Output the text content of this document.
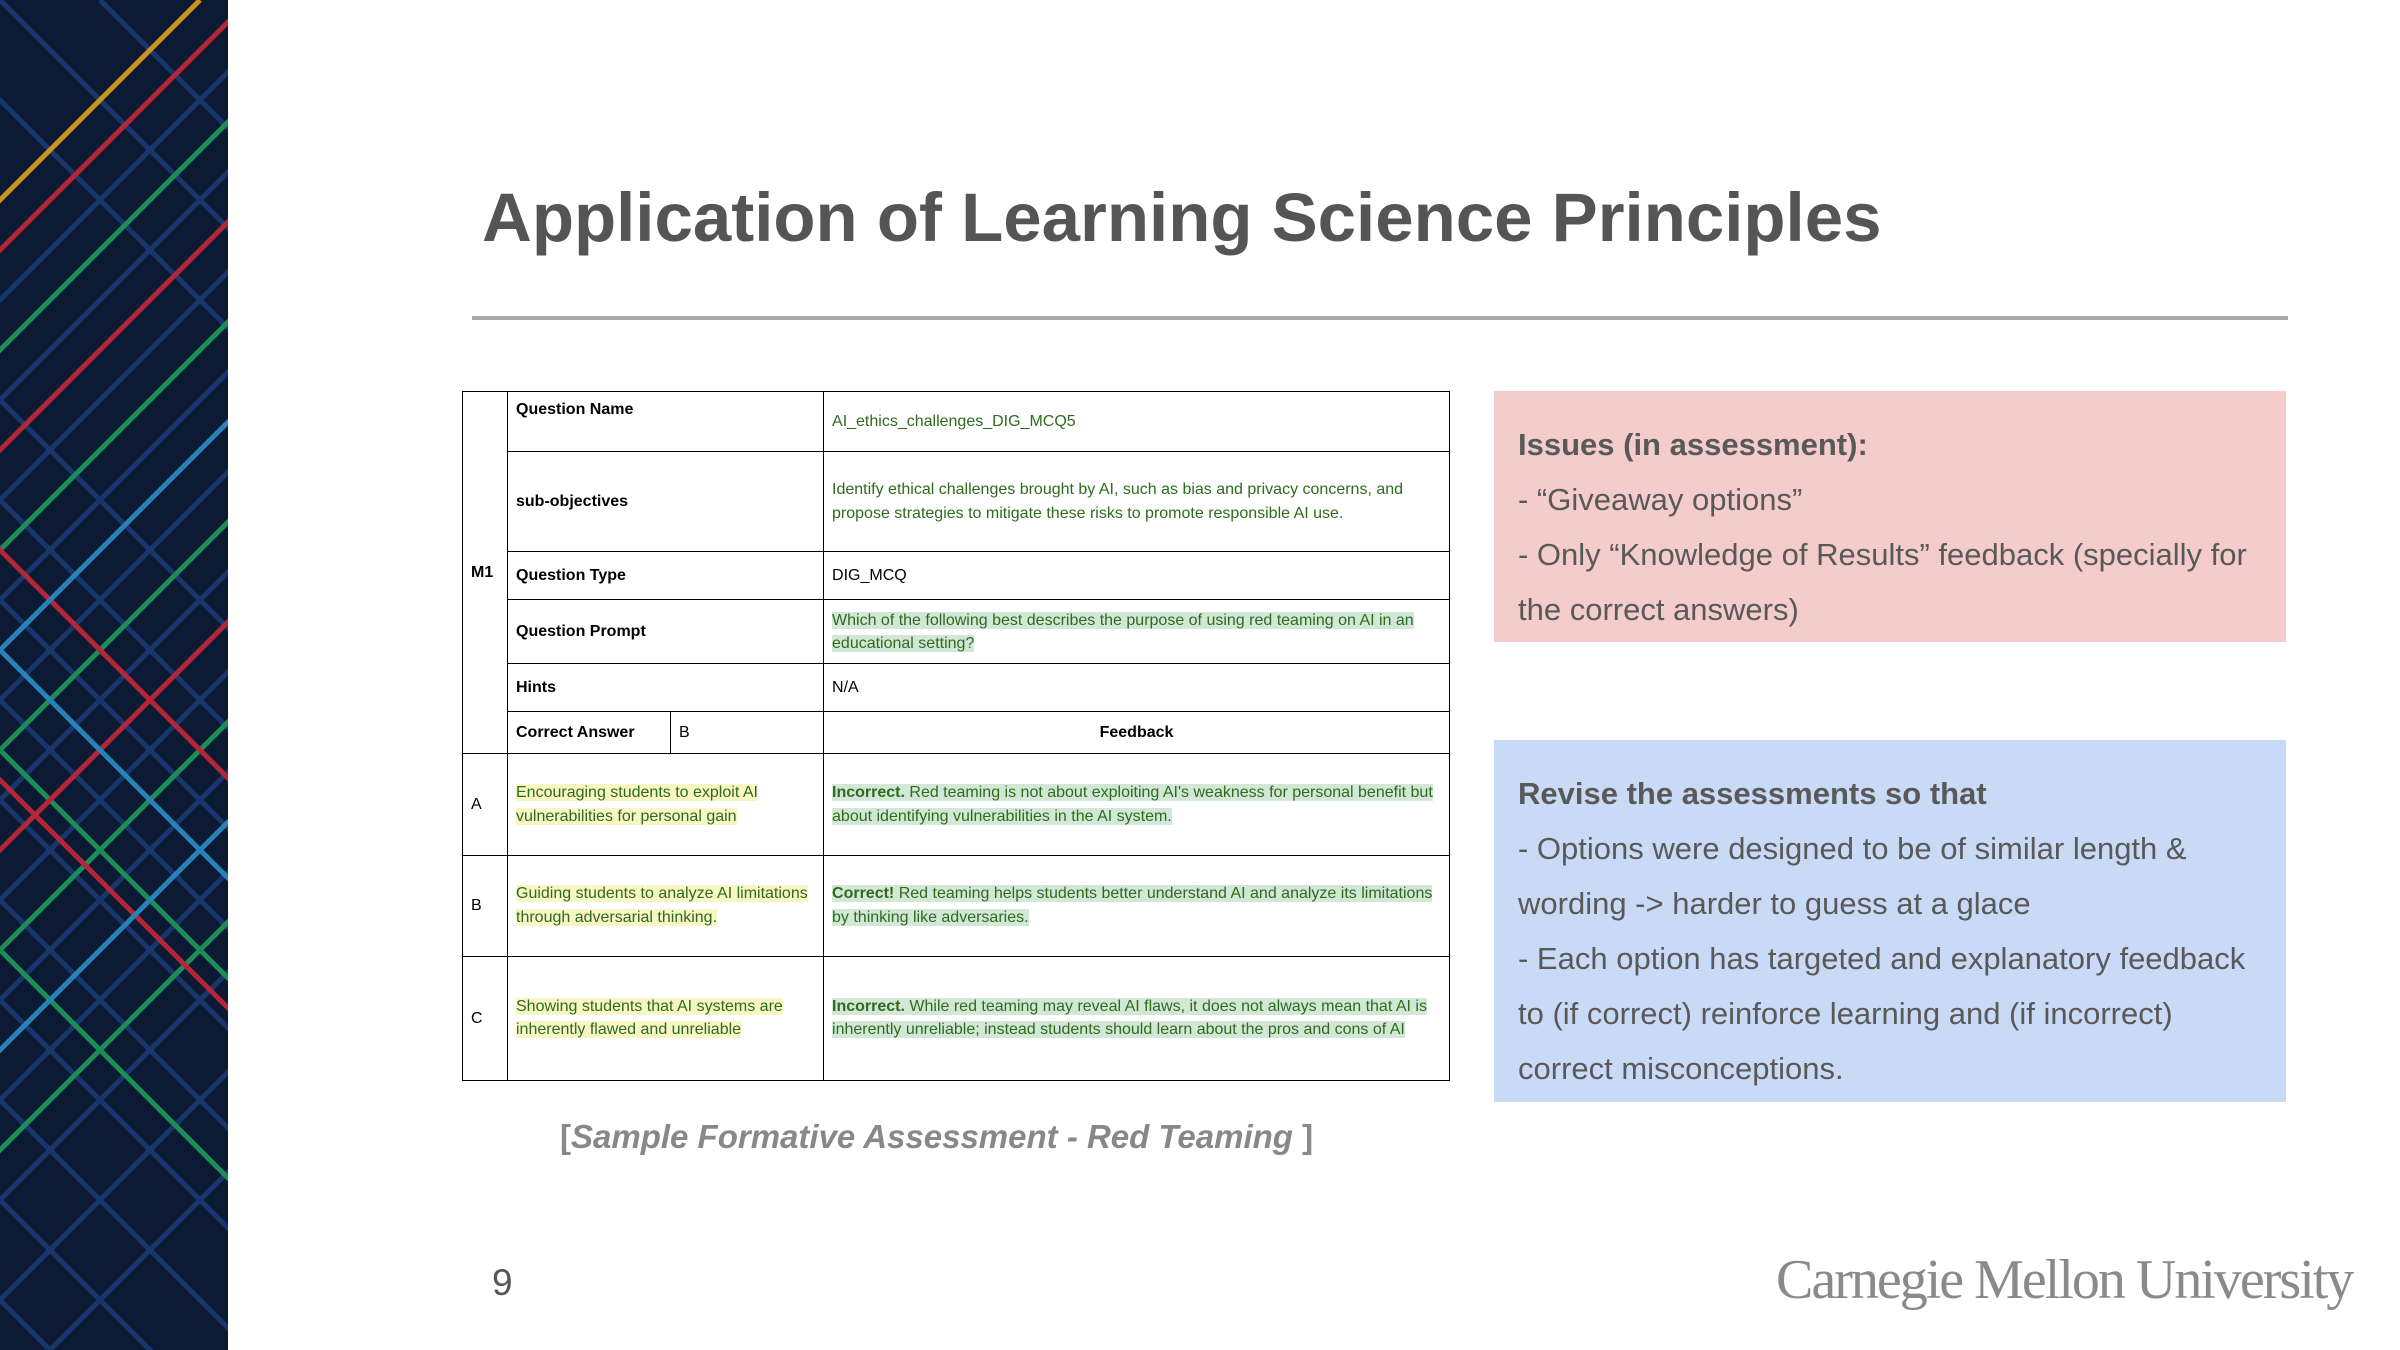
Application of Learning Science Principles
M1	Question Name		AI_ethics_challenges_DIG_MCQ5
	sub-objectives		Identify ethical challenges brought by AI, such as bias and privacy concerns, and propose strategies to mitigate these risks to promote responsible AI use.
	Question Type		DIG_MCQ
	Question Prompt		Which of the following best describes the purpose of using red teaming on AI in an educational setting?
	Hints		N/A
	Correct Answer	B	Feedback
A	Encouraging students to exploit AI vulnerabilities for personal gain		Incorrect. Red teaming is not about exploiting AI's weakness for personal benefit but about identifying vulnerabilities in the AI system.
B	Guiding students to analyze AI limitations through adversarial thinking.		Correct! Red teaming helps students better understand AI and analyze its limitations by thinking like adversaries.
C	Showing students that AI systems are inherently flawed and unreliable		Incorrect. While red teaming may reveal AI flaws, it does not always mean that AI is inherently unreliable; instead students should learn about the pros and cons of AI
[Sample Formative Assessment - Red Teaming ]

Issues (in assessment):

- “Giveaway options”

- Only “Knowledge of Results” feedback (specially for the correct answers)

Revise the assessments so that

- Options were designed to be of similar length & wording -> harder to guess at a glace

- Each option has targeted and explanatory feedback to (if correct) reinforce learning and (if incorrect) correct misconceptions.

9	Carnegie Mellon University
